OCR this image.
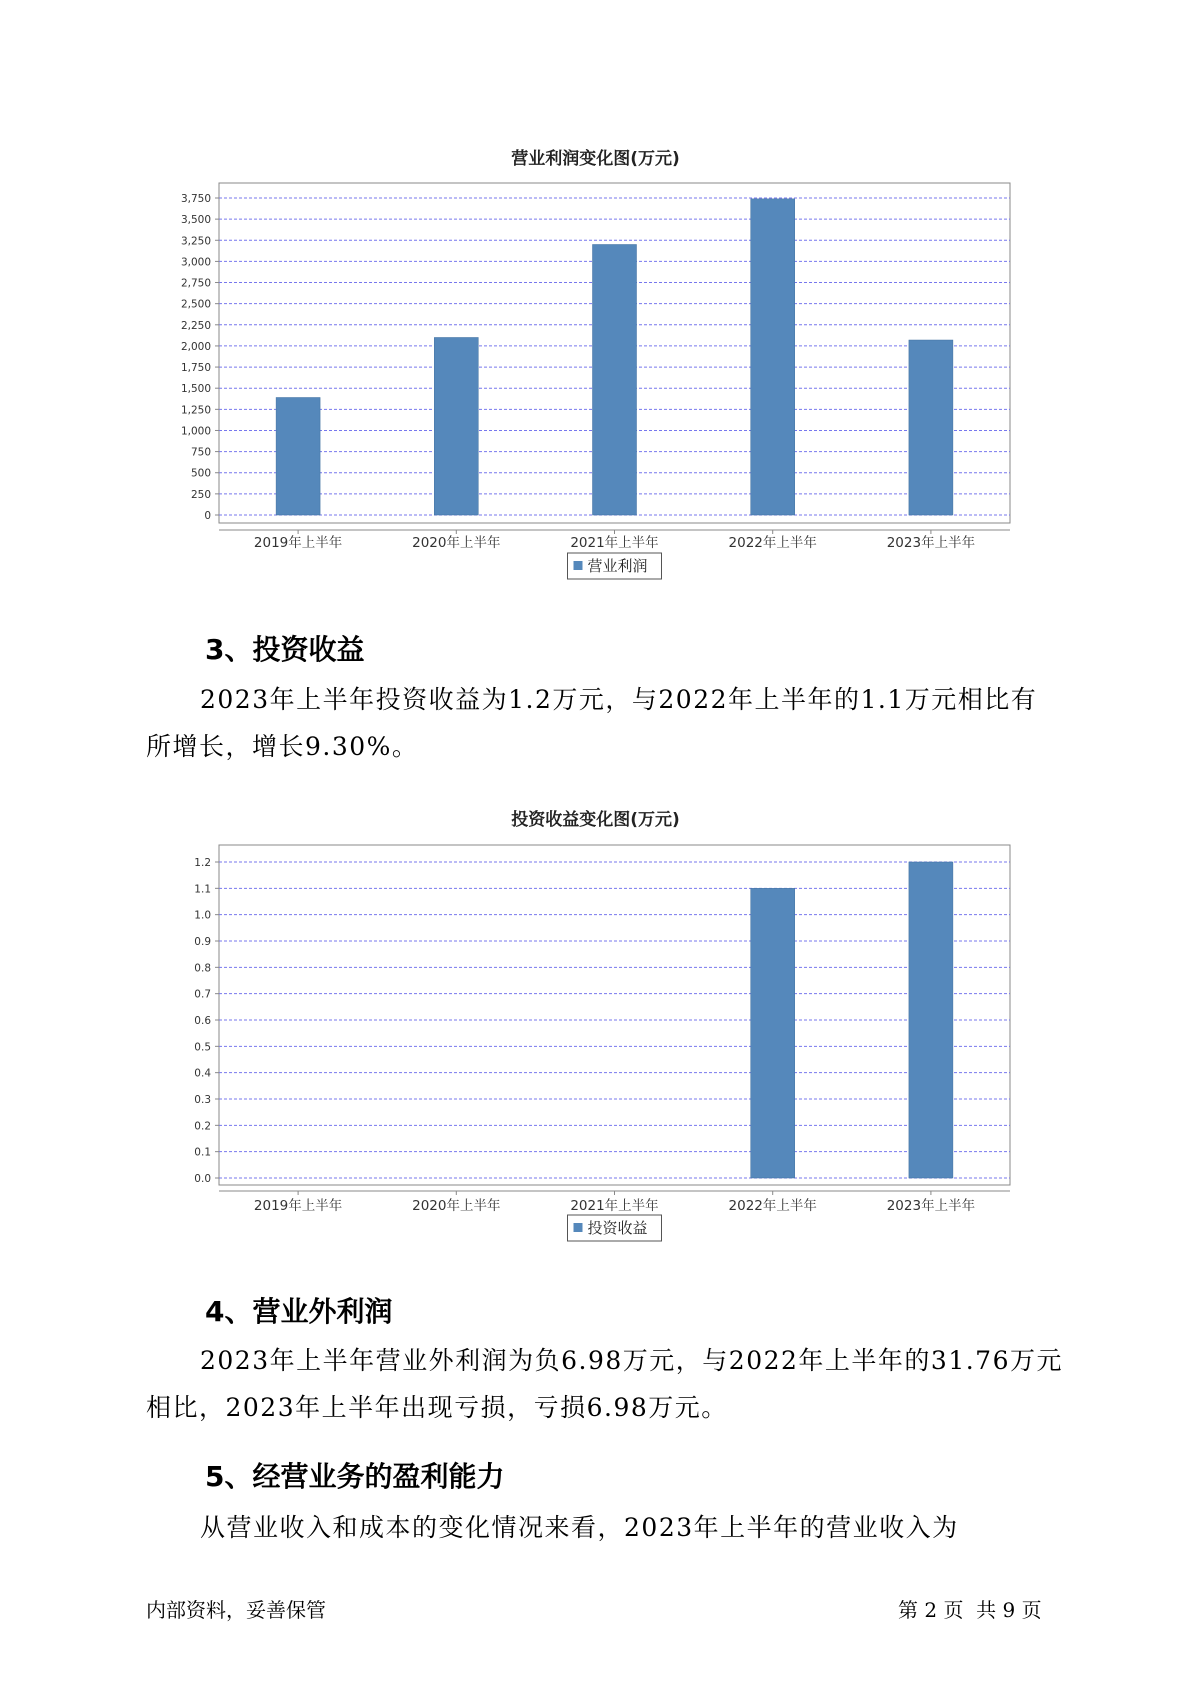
营业利润变化图(万元)
0
250
500
750
1,000
1,250
1,500
1,750
2,000
2,250
2,500
2,750
3,000
3,250
3,500
3,750
2019年上半年	2020年上半年	2021年上半年	2022年上半年	2023年上半年
营业利润
3、投资收益
2023年上半年投资收益为1.2万元，与2022年上半年的1.1万元相比有
所增长，增长9.30%。
投资收益变化图(万元)
0.0
0.1
0.2
0.3
0.4
0.5
0.6
0.7
0.8
0.9
1.0
1.1
1.2
2019年上半年	2020年上半年	2021年上半年	2022年上半年	2023年上半年
投资收益
4、营业外利润
2023年上半年营业外利润为负6.98万元，与2022年上半年的31.76万元
相比，2023年上半年出现亏损，亏损6.98万元。
5、经营业务的盈利能力
从营业收入和成本的变化情况来看，2023年上半年的营业收入为
内部资料，妥善保管	第 2 页  共 9 页
